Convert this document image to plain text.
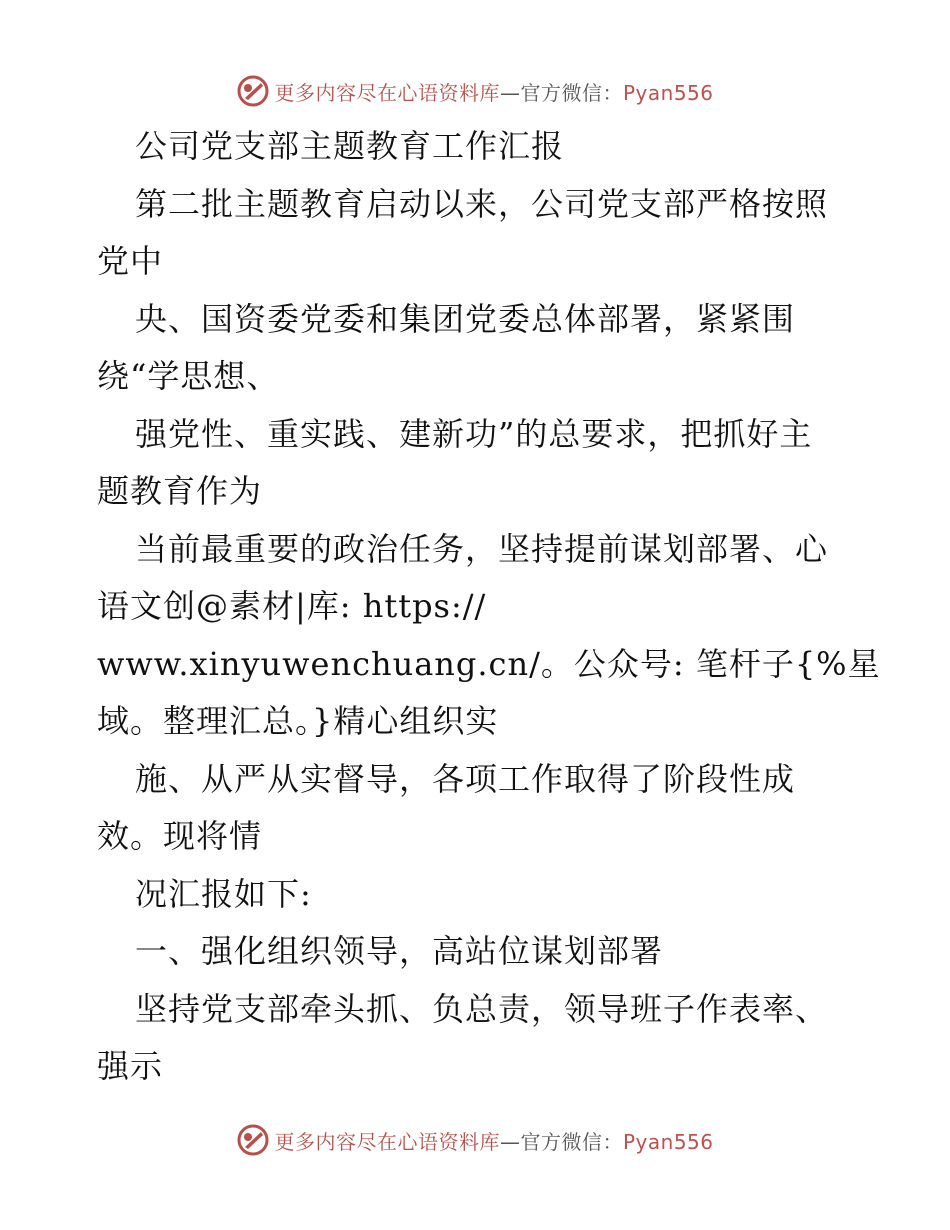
更多内容尽在心语资料库—官方微信：Pyan556
公司党支部主题教育工作汇报
第二批主题教育启动以来，公司党支部严格按照
党中
央、国资委党委和集团党委总体部署，紧紧围
绕“学思想、
强党性、重实践、建新功”的总要求，把抓好主
题教育作为
当前最重要的政治任务，坚持提前谋划部署、心
语文创@素材|库: https://
www.xinyuwenchuang.cn/。公众号: 笔杆子{%星
域。整理汇总。}精心组织实
施、从严从实督导，各项工作取得了阶段性成
效。现将情
况汇报如下:
一、强化组织领导，高站位谋划部署
坚持党支部牵头抓、负总责，领导班子作表率、
强示
更多内容尽在心语资料库—官方微信：Pyan556
